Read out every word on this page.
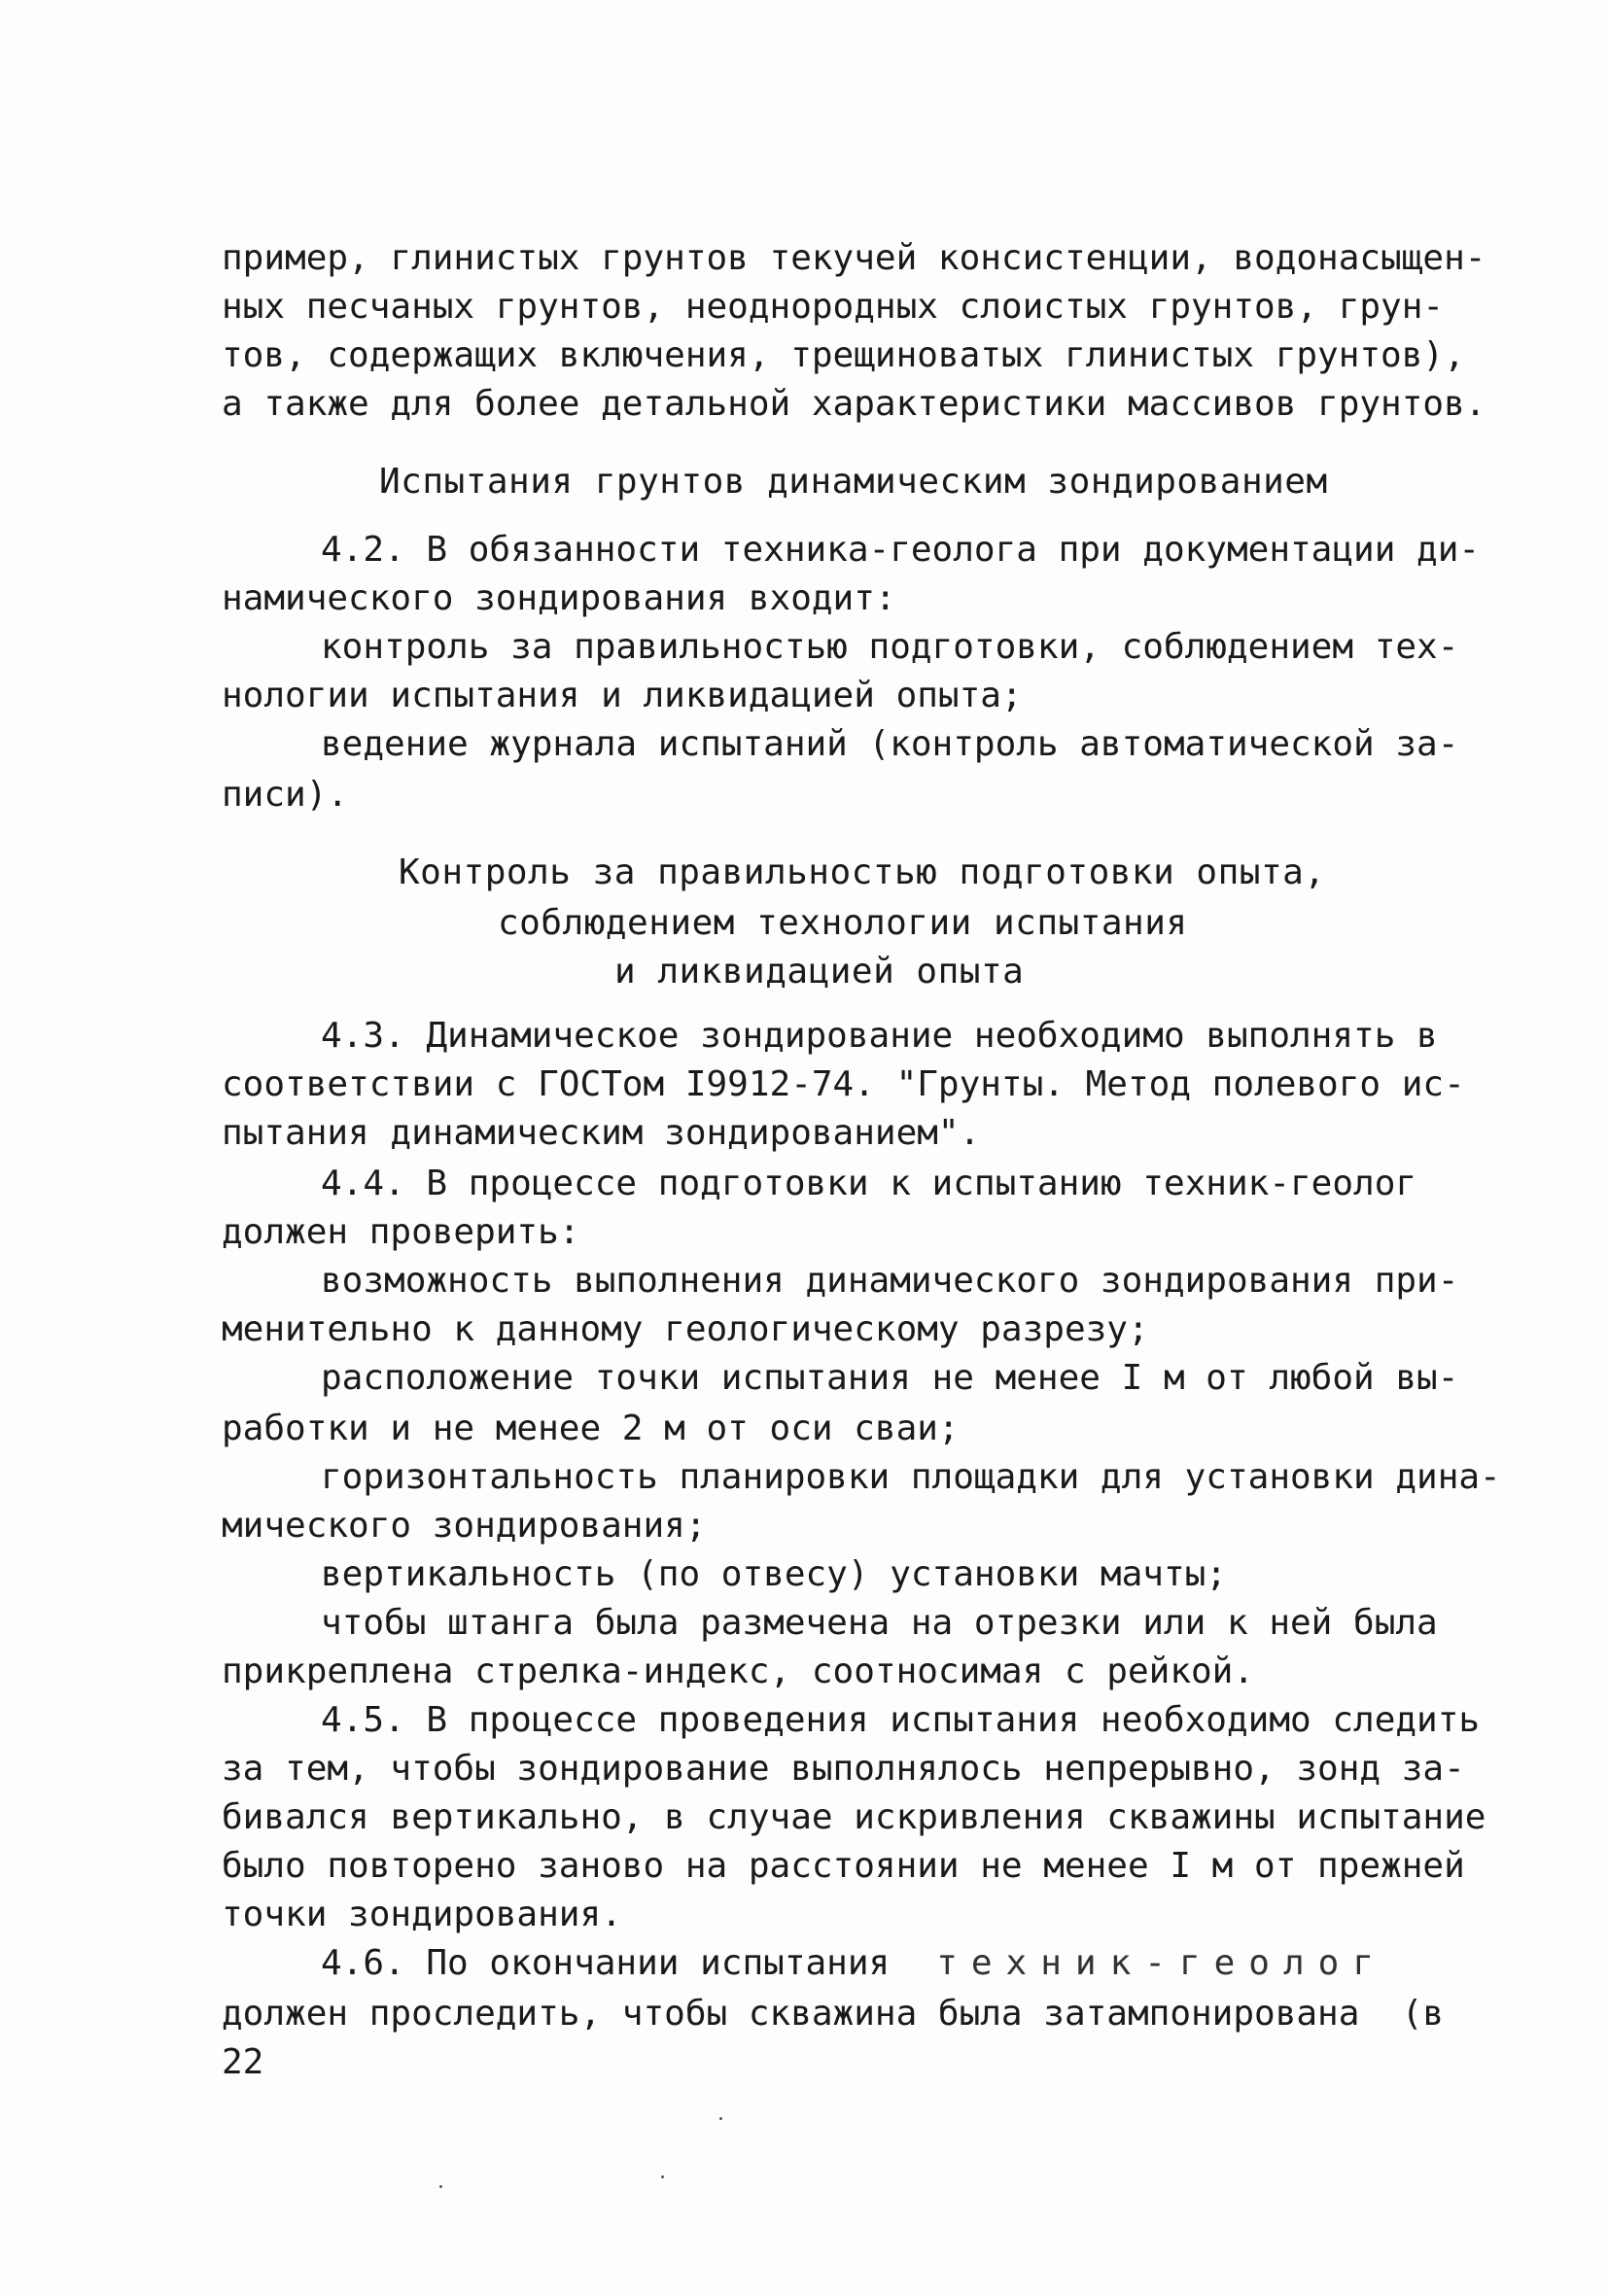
пример, глинистых грунтов текучей консистенции, водонасыщен-
ных песчаных грунтов, неоднородных слоистых грунтов, грун-
тов, содержащих включения, трещиноватых глинистых грунтов),
а также для более детальной характеристики массивов грунтов.
Испытания грунтов динамическим зондированием
4.2. В обязанности техника-геолога при документации ди-
намического зондирования входит:
контроль за правильностью подготовки, соблюдением тех-
нологии испытания и ликвидацией опыта;
ведение журнала испытаний (контроль автоматической за-
писи).
Контроль за правильностью подготовки опыта,
соблюдением технологии испытания
и ликвидацией опыта
4.3. Динамическое зондирование необходимо выполнять в
соответствии с ГОСТом I9912-74. "Грунты. Метод полевого ис-
пытания динамическим зондированием".
4.4. В процессе подготовки к испытанию техник-геолог
должен проверить:
возможность выполнения динамического зондирования при-
менительно к данному геологическому разрезу;
расположение точки испытания не менее I м от любой вы-
работки и не менее 2 м от оси сваи;
горизонтальность планировки площадки для установки дина-
мического зондирования;
вертикальность (по отвесу) установки мачты;
чтобы штанга была размечена на отрезки или к ней была
прикреплена стрелка-индекс, соотносимая с рейкой.
4.5. В процессе проведения испытания необходимо следить
за тем, чтобы зондирование выполнялось непрерывно, зонд за-
бивался вертикально, в случае искривления скважины испытание
было повторено заново на расстоянии не менее I м от прежней
точки зондирования.
4.6. По окончании испытания техник-геолог
должен проследить, чтобы скважина была затампонирована  (в
22
